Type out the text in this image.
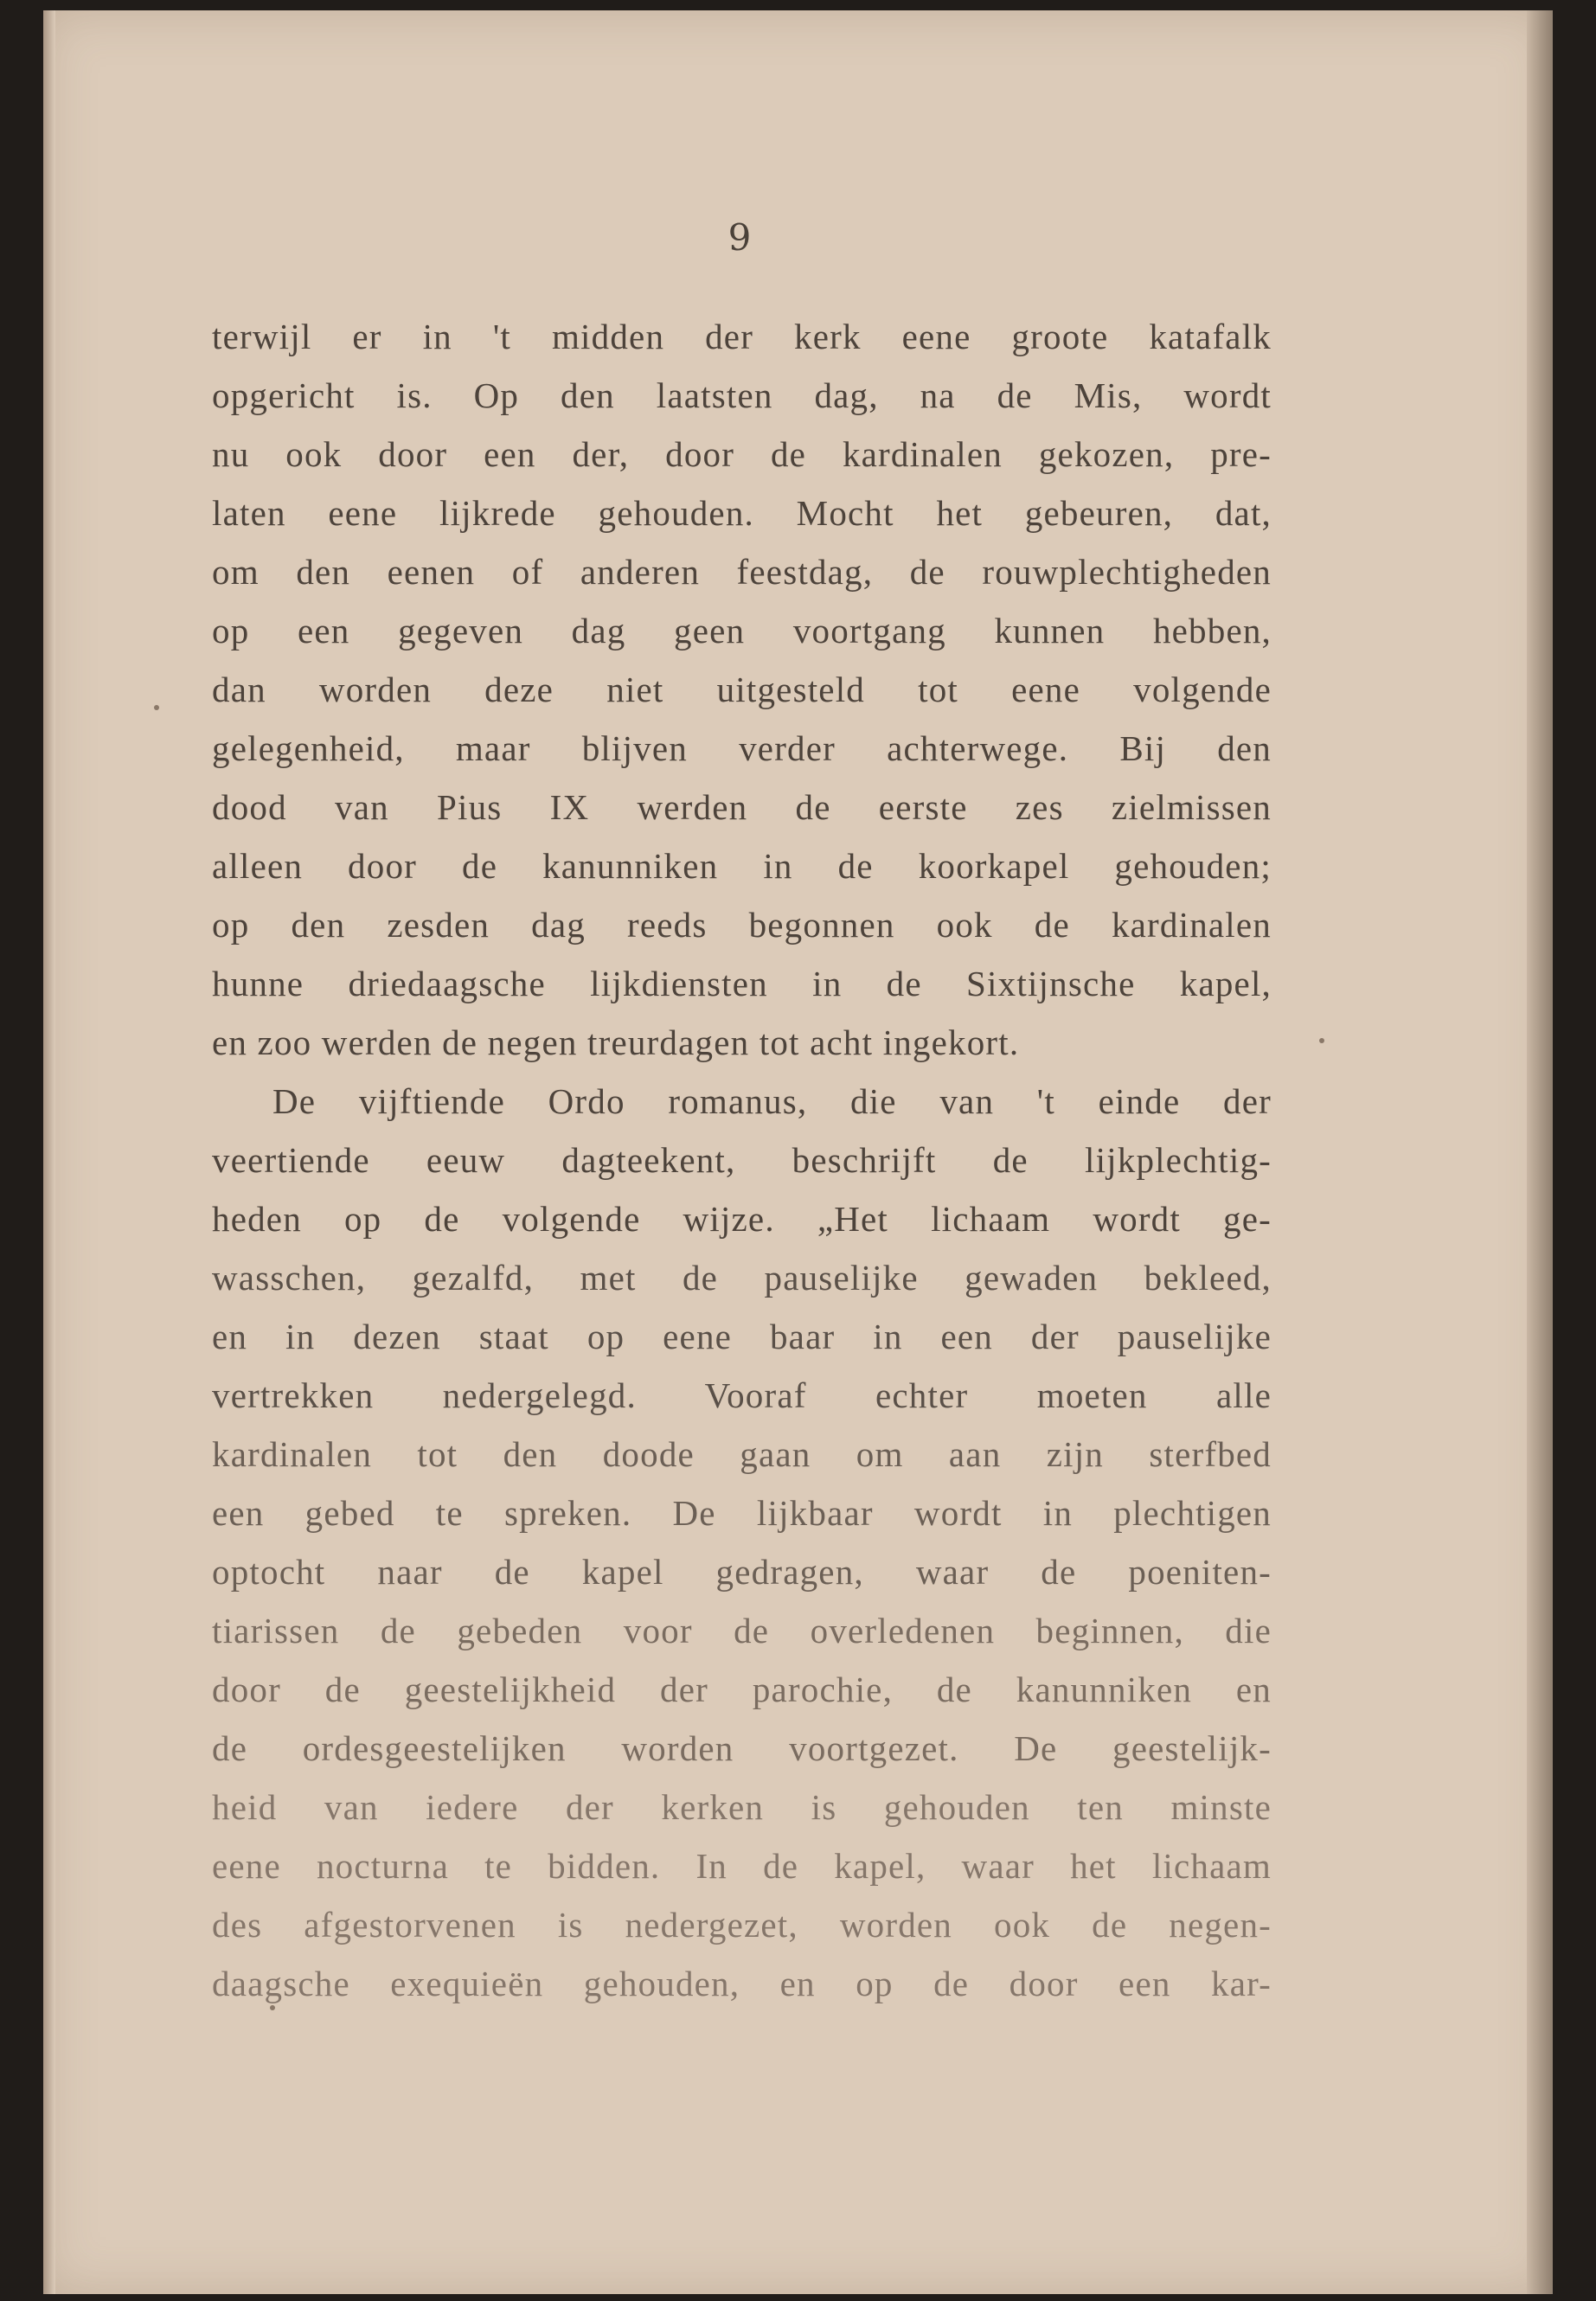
9
terwijl er in 't midden der kerk eene groote katafalk
opgericht is. Op den laatsten dag, na de Mis, wordt
nu ook door een der, door de kardinalen gekozen, pre-
laten eene lijkrede gehouden. Mocht het gebeuren, dat,
om den eenen of anderen feestdag, de rouwplechtigheden
op een gegeven dag geen voortgang kunnen hebben,
dan worden deze niet uitgesteld tot eene volgende
gelegenheid, maar blijven verder achterwege. Bij den
dood van Pius IX werden de eerste zes zielmissen
alleen door de kanunniken in de koorkapel gehouden;
op den zesden dag reeds begonnen ook de kardinalen
hunne driedaagsche lijkdiensten in de Sixtijnsche kapel,
en zoo werden de negen treurdagen tot acht ingekort.
De vijftiende Ordo romanus, die van 't einde der
veertiende eeuw dagteekent, beschrijft de lijkplechtig-
heden op de volgende wijze. „Het lichaam wordt ge-
wasschen, gezalfd, met de pauselijke gewaden bekleed,
en in dezen staat op eene baar in een der pauselijke
vertrekken nedergelegd. Vooraf echter moeten alle
kardinalen tot den doode gaan om aan zijn sterfbed
een gebed te spreken. De lijkbaar wordt in plechtigen
optocht naar de kapel gedragen, waar de poeniten-
tiarissen de gebeden voor de overledenen beginnen, die
door de geestelijkheid der parochie, de kanunniken en
de ordesgeestelijken worden voortgezet. De geestelijk-
heid van iedere der kerken is gehouden ten minste
eene nocturna te bidden. In de kapel, waar het lichaam
des afgestorvenen is nedergezet, worden ook de negen-
daagsche exequieën gehouden, en op de door een kar-
